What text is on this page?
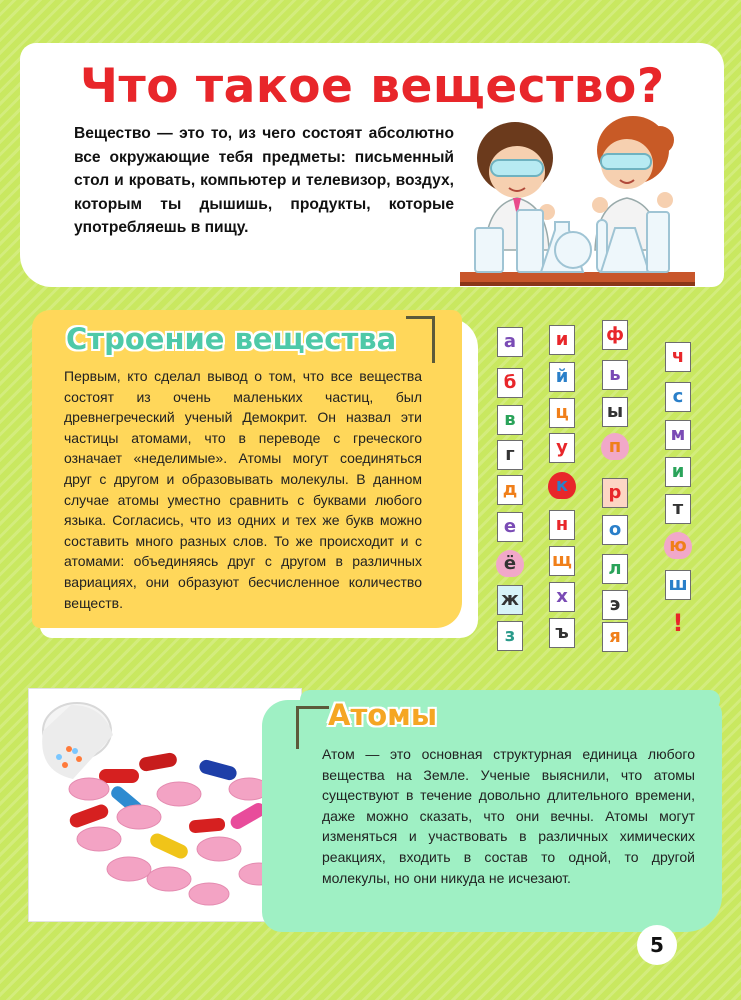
Что такое вещество?

Вещество — это то, из чего состоят абсолютно все окружающие тебя предметы: письменный стол и кровать, компьютер и телевизор, воздух, которым ты дышишь, продукты, которые употребляешь в пищу.

Строение вещества

Первым, кто сделал вывод о том, что все вещества состоят из очень маленьких частиц, был древнегреческий ученый Демокрит. Он назвал эти частицы атомами, что в переводе с греческого означает «неделимые». Атомы могут соединяться друг с другом и образовывать молекулы. В данном случае атомы уместно сравнить с буквами любого языка. Согласись, что из одних и тех же букв можно составить много разных слов. То же происходит и с атомами: объединяясь друг с другом в различных вариациях, они образуют бесчисленное количество веществ.

а
б
в
г
д
е
ё
ж
з
и
й
ц
у
к
н
щ
х
ъ
ф
ь
ы
п
р
о
л
э
я
ч
с
м
и
т
ю
ш
!
Атомы

Атом — это основная структурная единица любого вещества на Земле. Ученые выяснили, что атомы существуют в течение довольно длительного времени, даже можно сказать, что они вечны. Атомы могут изменяться и участвовать в различных химических реакциях, входить в состав то одной, то другой молекулы, но они никуда не исчезают.

5
